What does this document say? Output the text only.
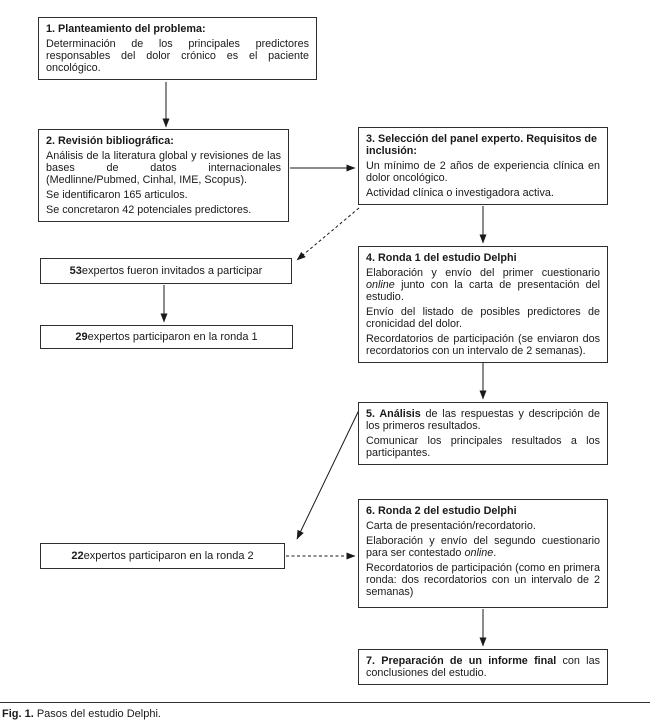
1. Planteamiento del problema:

Determinación de los principales predictores responsables del dolor crónico es el paciente oncológico.

2. Revisión bibliográfica:

Análisis de la literatura global y revisiones de las bases de datos internacionales (Medlinne/Pubmed, Cinhal, IME, Scopus).

Se identificaron 165 articulos.

Se concretaron 42 potenciales predictores.

3. Selección del panel experto. Requisitos de inclusión:

Un mínimo de 2 años de experiencia clínica en dolor oncológico.

Actividad clínica o investigadora activa.

4. Ronda 1 del estudio Delphi

Elaboración y envío del primer cuestionario online junto con la carta de presentación del estudio.

Envío del listado de posibles predictores de cronicidad del dolor.

Recordatorios de participación (se enviaron dos recordatorios con un intervalo de 2 semanas).

5. Análisis de las respuestas y descripción de los primeros resultados.

Comunicar los principales resultados a los participantes.

6. Ronda 2 del estudio Delphi

Carta de presentación/recordatorio.

Elaboración y envío del segundo cuestionario para ser contestado online.

Recordatorios de participación (como en primera ronda: dos recordatorios con un intervalo de 2 semanas)

7. Preparación de un informe final con las conclusiones del estudio.

53 expertos fueron invitados a participar
29 expertos participaron en la ronda 1
22 expertos participaron en la ronda 2
Fig. 1. Pasos del estudio Delphi.
